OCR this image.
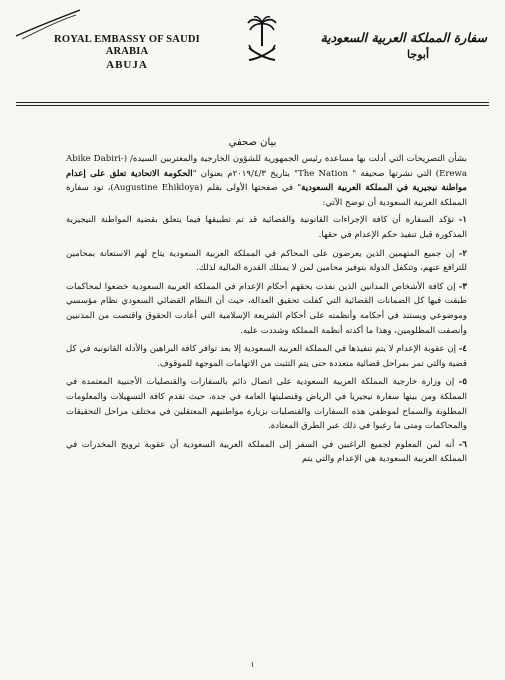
ROYAL EMBASSY OF SAUDI ARABIA
ABUJA
سفارة المملكة العربية السعودية
أبوجا
بيان صحفي

بشأن التصريحات التي أدلت بها مساعدة رئيس الجمهورية للشؤون الخارجية والمغتربين السيدة/ (Abike Dabiri-Erewa) التي نشرتها صحيفة " The Nation" بتاريخ ٢٠١٩/٤/٣م بعنوان "الحكومة الاتحادية تعلق على إعدام مواطنة نيجيرية في المملكة العربية السعودية" في صفحتها الأولى بقلم (Augustine Ehikloya)، تود سفارة المملكة العربية السعودية أن توضح الآتي:

١- تؤكد السفارة أن كافة الإجراءات القانونية والقضائية قد تم تطبيقها فيما يتعلق بقضية المواطنة النيجيرية المذكورة قبل تنفيذ حكم الإعدام في حقها.
٢- إن جميع المتهمين الذين يعرضون على المحاكم في المملكة العربية السعودية يتاح لهم الاستعانة بمحامين للترافع عنهم، وتتكفل الدولة بتوفير محامين لمن لا يمتلك القدرة المالية لذلك.
٣- إن كافة الأشخاص المدانين الذين نفذت بحقهم أحكام الإعدام في المملكة العربية السعودية خضعوا لمحاكمات طبقت فيها كل الضمانات القضائية التي كفلت تحقيق العدالة، حيث أن النظام القضائي السعودي نظام مؤسسي وموضوعي ويستند في أحكامه وأنظمته على أحكام الشريعة الإسلامية التي أعادت الحقوق واقتصت من المذنبين وأنصفت المظلومين، وهذا ما أكدته أنظمة المملكة وشددت عليه.
٤- إن عقوبة الإعدام لا يتم تنفيذها في المملكة العربية السعودية إلا بعد توافر كافة البراهين والأدلة القانونية في كل قضية والتي تمر بمراحل قضائية متعددة حتى يتم التثبت من الاتهامات الموجهة للموقوف.
٥- إن وزارة خارجية المملكة العربية السعودية على اتصال دائم بالسفارات والقنصليات الأجنبية المعتمدة في المملكة ومن بينها سفارة نيجيريا في الرياض وقنصليتها العامة في جدة، حيث تقدم كافة التسهيلات والمعلومات المطلوبة والسماح لموظفي هذه السفارات والقنصليات بزيارة مواطنيهم المعتقلين في مختلف مراحل التحقيقات والمحاكمات ومتى ما رغبوا في ذلك عبر الطرق المعتادة.
٦- أنه لمن المعلوم لجميع الراغبين في السفر إلى المملكة العربية السعودية أن عقوبة ترويج المخدرات في المملكة العربية السعودية هي الإعدام والتي يتم
١
